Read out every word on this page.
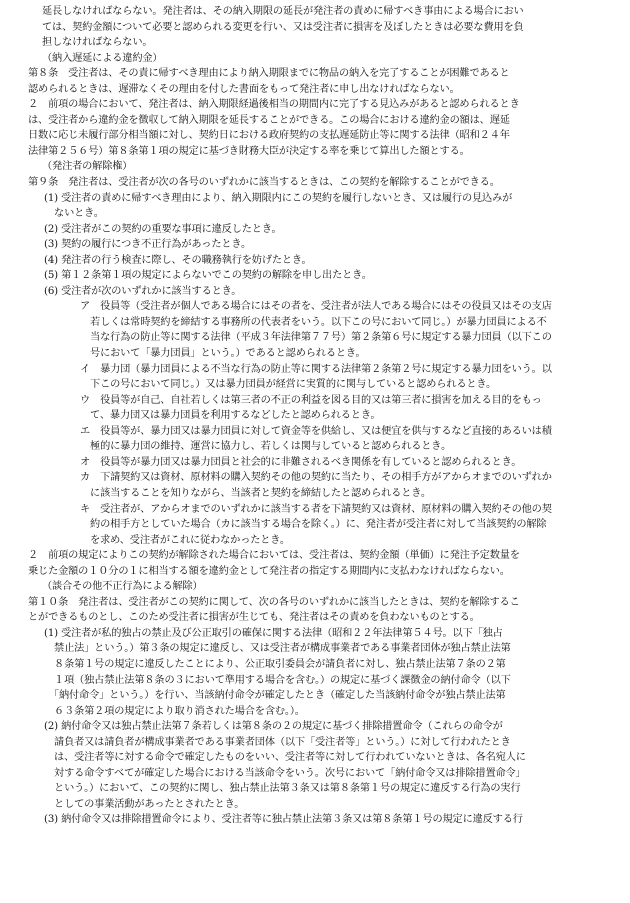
延長しなければならない。発注者は、その納入期限の延長が発注者の責めに帰すべき事由による場合におい
ては、契約金額について必要と認められる変更を行い、又は受注者に損害を及ぼしたときは必要な費用を負
担しなければならない。

（納入遅延による違約金）

第８条　受注者は、その責に帰すべき理由により納入期限までに物品の納入を完了することが困難であると
認められるときは、遅滞なくその理由を付した書面をもって発注者に申し出なければならない。

２　前項の場合において、発注者は、納入期限経過後相当の期間内に完了する見込みがあると認められるとき
は、受注者から違約金を徴収して納入期限を延長することができる。この場合における違約金の額は、遅延
日数に応じ未履行部分相当額に対し、契約日における政府契約の支払遅延防止等に関する法律（昭和２４年
法律第２５６号）第８条第１項の規定に基づき財務大臣が決定する率を乗じて算出した額とする。

（発注者の解除権）

第９条　発注者は、受注者が次の各号のいずれかに該当するときは、この契約を解除することができる。

(1) 受注者の責めに帰すべき理由により、納入期限内にこの契約を履行しないとき、又は履行の見込みが
　ないとき。

(2) 受注者がこの契約の重要な事項に違反したとき。

(3) 契約の履行につき不正行為があったとき。

(4) 発注者の行う検査に際し、その職務執行を妨げたとき。

(5) 第１２条第１項の規定によらないでこの契約の解除を申し出たとき。

(6) 受注者が次のいずれかに該当するとき。

ア　役員等（受注者が個人である場合にはその者を、受注者が法人である場合にはその役員又はその支店
　若しくは常時契約を締結する事務所の代表者をいう。以下この号において同じ。）が暴力団員による不
　当な行為の防止等に関する法律（平成３年法律第７７号）第２条第６号に規定する暴力団員（以下この
　号において「暴力団員」という。）であると認められるとき。

イ　暴力団（暴力団員による不当な行為の防止等に関する法律第２条第２号に規定する暴力団をいう。以
　下この号において同じ。）又は暴力団員が経営に実質的に関与していると認められるとき。

ウ　役員等が自己、自社若しくは第三者の不正の利益を図る目的又は第三者に損害を加える目的をもっ
　て、暴力団又は暴力団員を利用するなどしたと認められるとき。

エ　役員等が、暴力団又は暴力団員に対して資金等を供給し、又は便宜を供与するなど直接的あるいは積
　極的に暴力団の維持、運営に協力し、若しくは関与していると認められるとき。

オ　役員等が暴力団又は暴力団員と社会的に非難されるべき関係を有していると認められるとき。

カ　下請契約又は資材、原材料の購入契約その他の契約に当たり、その相手方がアからオまでのいずれか
　に該当することを知りながら、当該者と契約を締結したと認められるとき。

キ　受注者が、アからオまでのいずれかに該当する者を下請契約又は資材、原材料の購入契約その他の契
　約の相手方としていた場合（カに該当する場合を除く。）に、発注者が受注者に対して当該契約の解除
　を求め、受注者がこれに従わなかったとき。

２　前項の規定によりこの契約が解除された場合においては、受注者は、契約金額（単価）に発注予定数量を
乗じた金額の１０分の１に相当する額を違約金として発注者の指定する期間内に支払わなければならない。

（談合その他不正行為による解除）

第１０条　発注者は、受注者がこの契約に関して、次の各号のいずれかに該当したときは、契約を解除するこ
とができるものとし、このため受注者に損害が生じても、発注者はその責めを負わないものとする。

(1) 受注者が私的独占の禁止及び公正取引の確保に関する法律（昭和２２年法律第５４号。以下「独占
　禁止法」という。）第３条の規定に違反し、又は受注者が構成事業者である事業者団体が独占禁止法第
　８条第１号の規定に違反したことにより、公正取引委員会が請負者に対し、独占禁止法第７条の２第
　１項（独占禁止法第８条の３において準用する場合を含む。）の規定に基づく課徴金の納付命令（以下
　「納付命令」という。）を行い、当該納付命令が確定したとき（確定した当該納付命令が独占禁止法第
　６３条第２項の規定により取り消された場合を含む。）。

(2) 納付命令又は独占禁止法第７条若しくは第８条の２の規定に基づく排除措置命令（これらの命令が
　請負者又は請負者が構成事業者である事業者団体（以下「受注者等」という。）に対して行われたとき
　は、受注者等に対する命令で確定したものをいい、受注者等に対して行われていないときは、各名宛人に
　対する命令すべてが確定した場合における当該命令をいう。次号において「納付命令又は排除措置命令」
　という。）において、この契約に関し、独占禁止法第３条又は第８条第１号の規定に違反する行為の実行
　としての事業活動があったとされたとき。

(3) 納付命令又は排除措置命令により、受注者等に独占禁止法第３条又は第８条第１号の規定に違反する行
